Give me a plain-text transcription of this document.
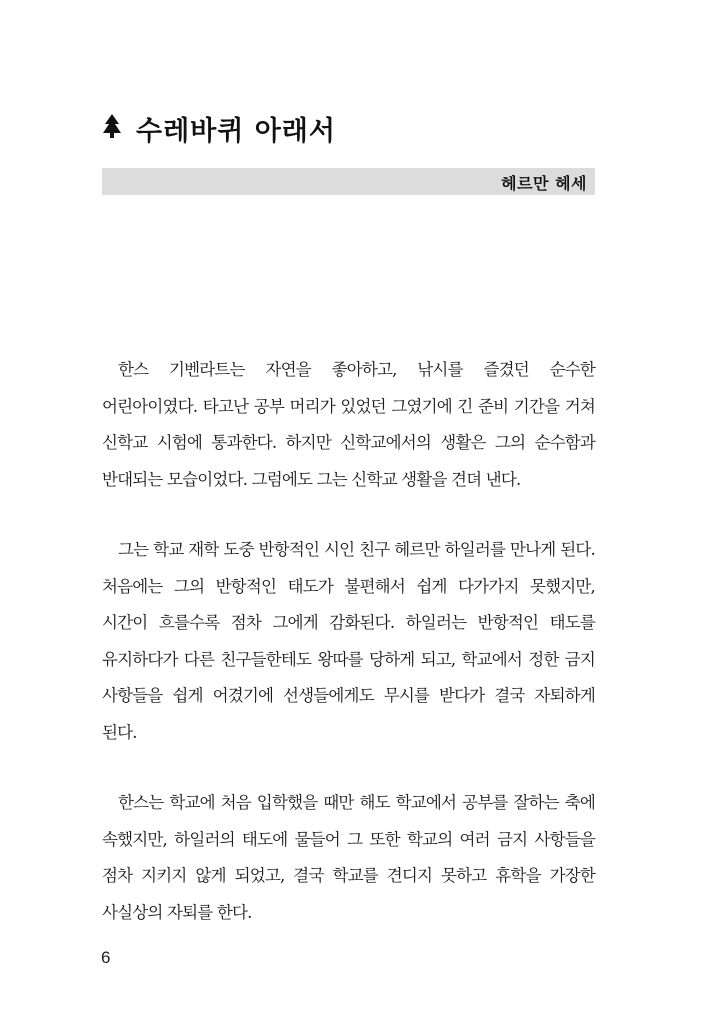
수레바퀴 아래서
헤르만 헤세

한스 기벤라트는 자연을 좋아하고, 낚시를 즐겼던 순수한 어린아이였다. 타고난 공부 머리가 있었던 그였기에 긴 준비 기간을 거쳐 신학교 시험에 통과한다. 하지만 신학교에서의 생활은 그의 순수함과 반대되는 모습이었다. 그럼에도 그는 신학교 생활을 견뎌 낸다.

그는 학교 재학 도중 반항적인 시인 친구 헤르만 하일러를 만나게 된다. 처음에는 그의 반항적인 태도가 불편해서 쉽게 다가가지 못했지만, 시간이 흐를수록 점차 그에게 감화된다. 하일러는 반항적인 태도를 유지하다가 다른 친구들한테도 왕따를 당하게 되고, 학교에서 정한 금지 사항들을 쉽게 어겼기에 선생들에게도 무시를 받다가 결국 자퇴하게 된다.

한스는 학교에 처음 입학했을 때만 해도 학교에서 공부를 잘하는 축에 속했지만, 하일러의 태도에 물들어 그 또한 학교의 여러 금지 사항들을 점차 지키지 않게 되었고, 결국 학교를 견디지 못하고 휴학을 가장한 사실상의 자퇴를 한다.

6
